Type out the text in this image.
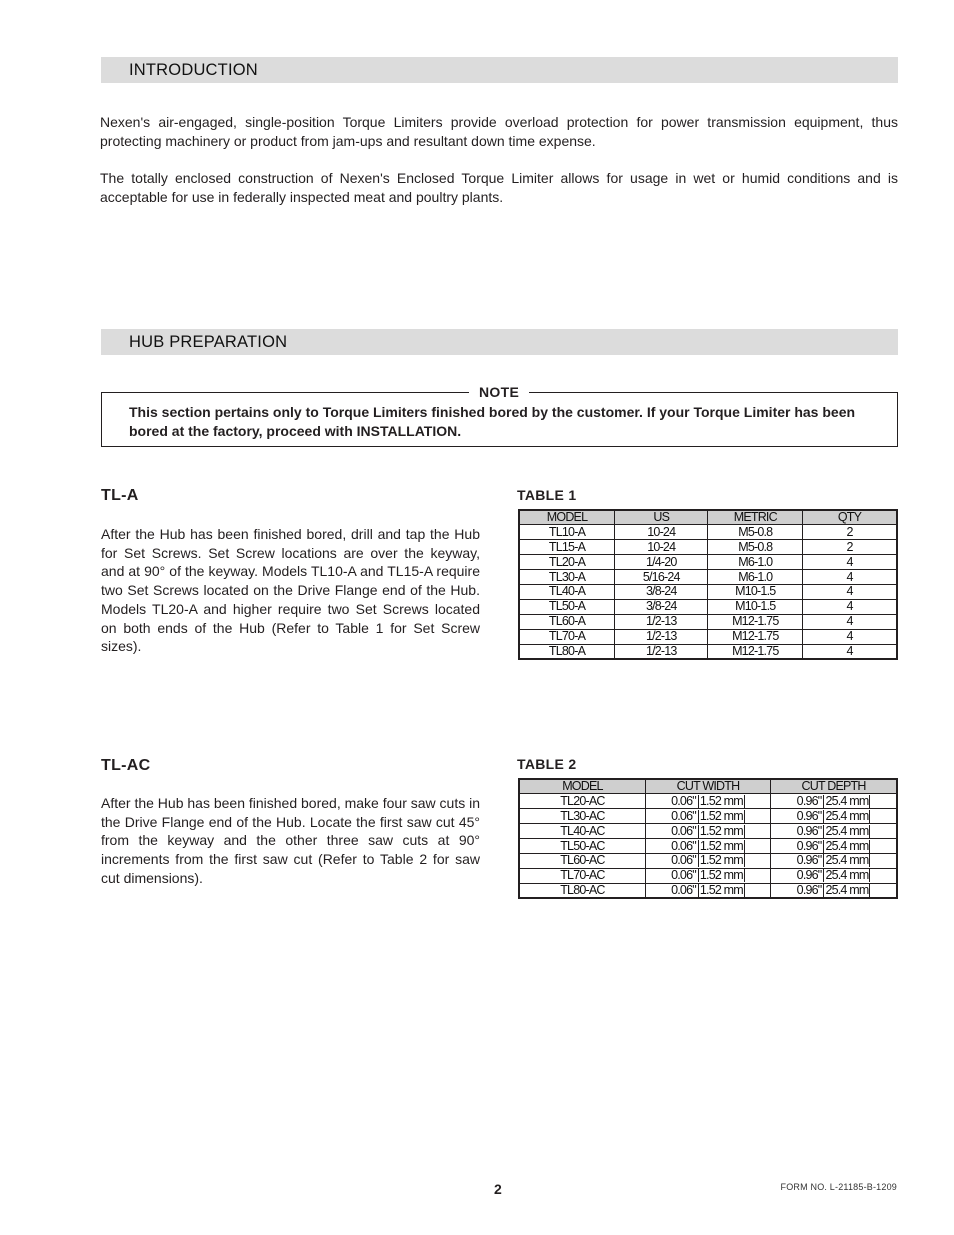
INTRODUCTION

Nexen's air-engaged, single-position Torque Limiters provide overload protection for power transmission equipment, thus protecting machinery or product from jam-ups and resultant down time expense.

The totally enclosed construction of Nexen's Enclosed Torque Limiter allows for usage in wet or humid conditions and is acceptable for use in federally inspected meat and poultry plants.

HUB PREPARATION
NOTE

This section pertains only to Torque Limiters finished bored by the customer. If your Torque Limiter has been bored at the factory, proceed with INSTALLATION.

TL-A

After the Hub has been finished bored, drill and tap the Hub for Set Screws. Set Screw locations are over the keyway, and at 90° of the keyway. Models TL10-A and TL15-A require two Set Screws located on the Drive Flange end of the Hub. Models TL20-A and higher require two Set Screws located on both ends of the Hub (Refer to Table 1 for Set Screw sizes).

TABLE 1
MODEL	US	METRIC	QTY
TL10-A	10-24	M5-0.8	2
TL15-A	10-24	M5-0.8	2
TL20-A	1/4-20	M6-1.0	4
TL30-A	5/16-24	M6-1.0	4
TL40-A	3/8-24	M10-1.5	4
TL50-A	3/8-24	M10-1.5	4
TL60-A	1/2-13	M12-1.75	4
TL70-A	1/2-13	M12-1.75	4
TL80-A	1/2-13	M12-1.75	4
TL-AC

After the Hub has been finished bored, make four saw cuts in the Drive Flange end of the Hub. Locate the first saw cut 45° from the keyway and the other three saw cuts at 90° increments from the first saw cut (Refer to Table 2 for saw cut dimensions).

TABLE 2
MODEL	CUT WIDTH	CUT DEPTH
TL20-AC	0.06" 1.52 mm	0.96" 25.4 mm
TL30-AC	0.06" 1.52 mm	0.96" 25.4 mm
TL40-AC	0.06" 1.52 mm	0.96" 25.4 mm
TL50-AC	0.06" 1.52 mm	0.96" 25.4 mm
TL60-AC	0.06" 1.52 mm	0.96" 25.4 mm
TL70-AC	0.06" 1.52 mm	0.96" 25.4 mm
TL80-AC	0.06" 1.52 mm	0.96" 25.4 mm
2	FORM NO. L-21185-B-1209
